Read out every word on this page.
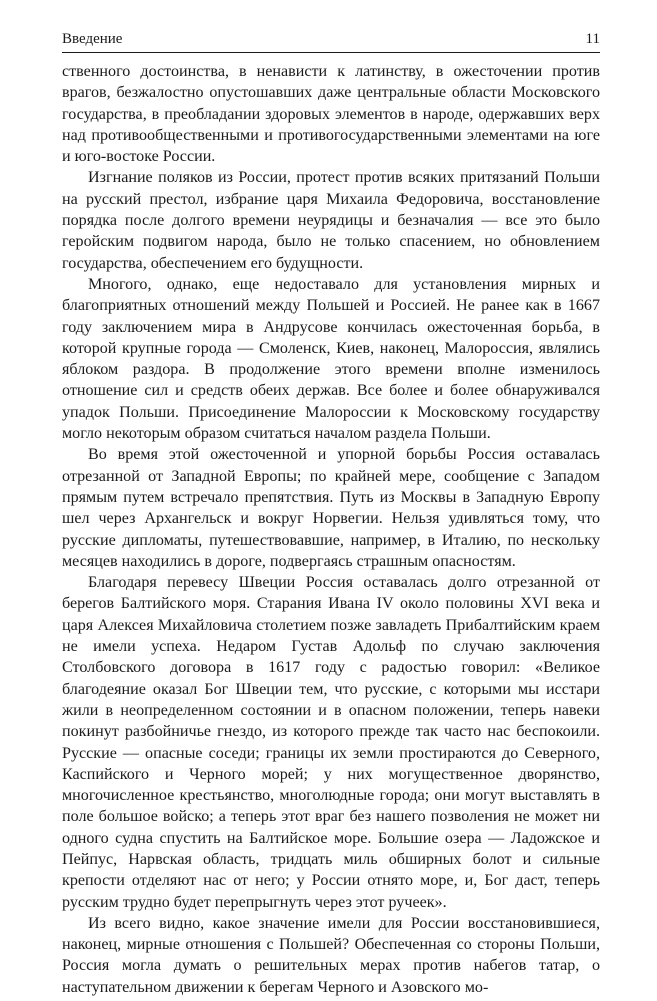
Введение	11

ственного достоинства, в ненависти к латинству, в ожесточении против врагов, безжалостно опустошавших даже центральные области Московского государства, в преобладании здоровых элементов в народе, одержавших верх над противообщественными и противогосударственными элементами на юге и юго-востоке России.

Изгнание поляков из России, протест против всяких притязаний Польши на русский престол, избрание царя Михаила Федоровича, восстановление порядка после долгого времени неурядицы и безначалия — все это было геройским подвигом народа, было не только спасением, но обновлением государства, обеспечением его будущности.

Многого, однако, еще недоставало для установления мирных и благоприятных отношений между Польшей и Россией. Не ранее как в 1667 году заключением мира в Андрусове кончилась ожесточенная борьба, в которой крупные города — Смоленск, Киев, наконец, Малороссия, являлись яблоком раздора. В продолжение этого времени вполне изменилось отношение сил и средств обеих держав. Все более и более обнаруживался упадок Польши. Присоединение Малороссии к Московскому государству могло некоторым образом считаться началом раздела Польши.

Во время этой ожесточенной и упорной борьбы Россия оставалась отрезанной от Западной Европы; по крайней мере, сообщение с Западом прямым путем встречало препятствия. Путь из Москвы в Западную Европу шел через Архангельск и вокруг Норвегии. Нельзя удивляться тому, что русские дипломаты, путешествовавшие, например, в Италию, по нескольку месяцев находились в дороге, подвергаясь страшным опасностям.

Благодаря перевесу Швеции Россия оставалась долго отрезанной от берегов Балтийского моря. Старания Ивана IV около половины XVI века и царя Алексея Михайловича столетием позже завладеть Прибалтийским краем не имели успеха. Недаром Густав Адольф по случаю заключения Столбовского договора в 1617 году с радостью говорил: «Великое благодеяние оказал Бог Швеции тем, что русские, с которыми мы исстари жили в неопределенном состоянии и в опасном положении, теперь навеки покинут разбойничье гнездо, из которого прежде так часто нас беспокоили. Русские — опасные соседи; границы их земли простираются до Северного, Каспийского и Черного морей; у них могущественное дворянство, многочисленное крестьянство, многолюдные города; они могут выставлять в поле большое войско; а теперь этот враг без нашего позволения не может ни одного судна спустить на Балтийское море. Большие озера — Ладожское и Пейпус, Нарвская область, тридцать миль обширных болот и сильные крепости отделяют нас от него; у России отнято море, и, Бог даст, теперь русским трудно будет перепрыгнуть через этот ручеек».

Из всего видно, какое значение имели для России восстановившиеся, наконец, мирные отношения с Польшей? Обеспеченная со стороны Польши, Россия могла думать о решительных мерах против набегов татар, о наступательном движении к берегам Черного и Азовского мо-
